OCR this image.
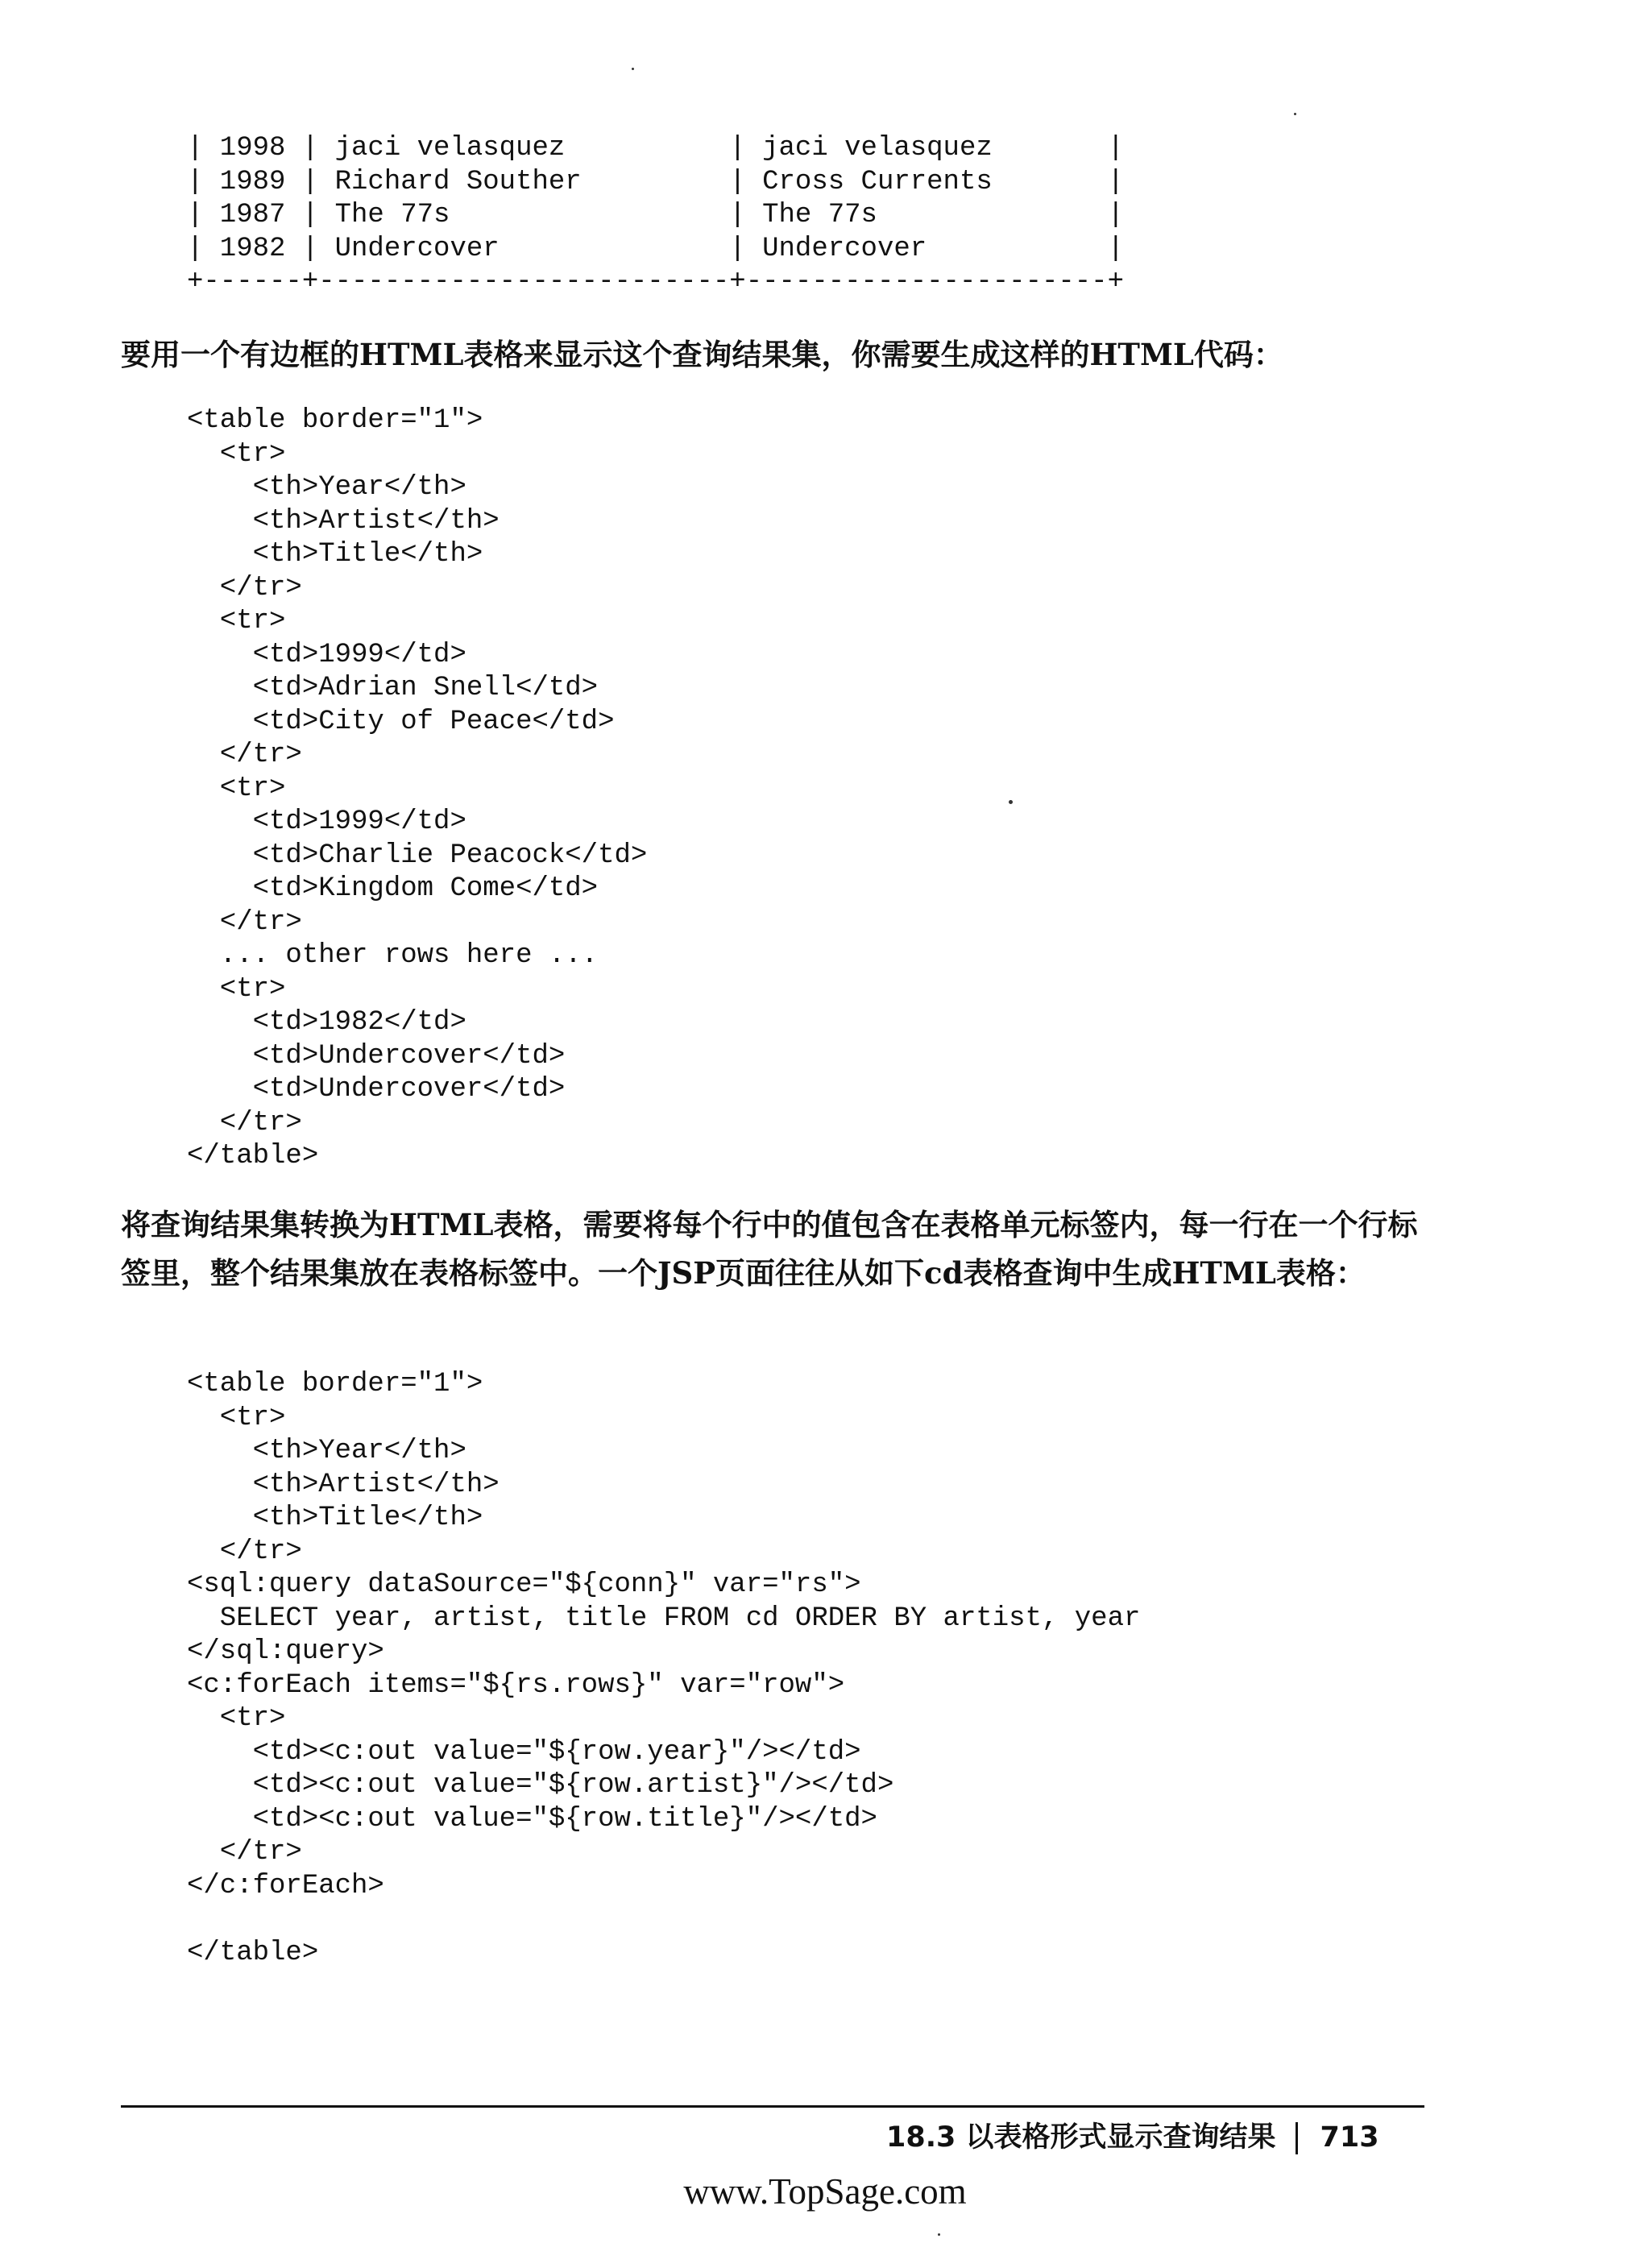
| 1998 | jaci velasquez          | jaci velasquez       |
| 1989 | Richard Souther         | Cross Currents       |
| 1987 | The 77s                 | The 77s              |
| 1982 | Undercover              | Undercover           |
+------+-------------------------+----------------------+

要用一个有边框的HTML表格来显示这个查询结果集，你需要生成这样的HTML代码：

<table border="1">
<tr>
<th>Year</th>
<th>Artist</th>
<th>Title</th>
</tr>
<tr>
<td>1999</td>
<td>Adrian Snell</td>
<td>City of Peace</td>
</tr>
<tr>
<td>1999</td>
<td>Charlie Peacock</td>
<td>Kingdom Come</td>
</tr>
... other rows here ...
<tr>
<td>1982</td>
<td>Undercover</td>
<td>Undercover</td>
</tr>
</table>

将查询结果集转换为HTML表格，需要将每个行中的值包含在表格单元标签内，每一行在一个行标签里，整个结果集放在表格标签中。一个JSP页面往往从如下cd表格查询中生成HTML表格：

<table border="1">
<tr>
<th>Year</th>
<th>Artist</th>
<th>Title</th>
</tr>
<sql:query dataSource="${conn}" var="rs">
SELECT year, artist, title FROM cd ORDER BY artist, year
</sql:query>
<c:forEach items="${rs.rows}" var="row">
<tr>
<td><c:out value="${row.year}"/></td>
<td><c:out value="${row.artist}"/></td>
<td><c:out value="${row.title}"/></td>
</tr>
</c:forEach>

</table>
18.3 以表格形式显示查询结果 713
www.TopSage.com
